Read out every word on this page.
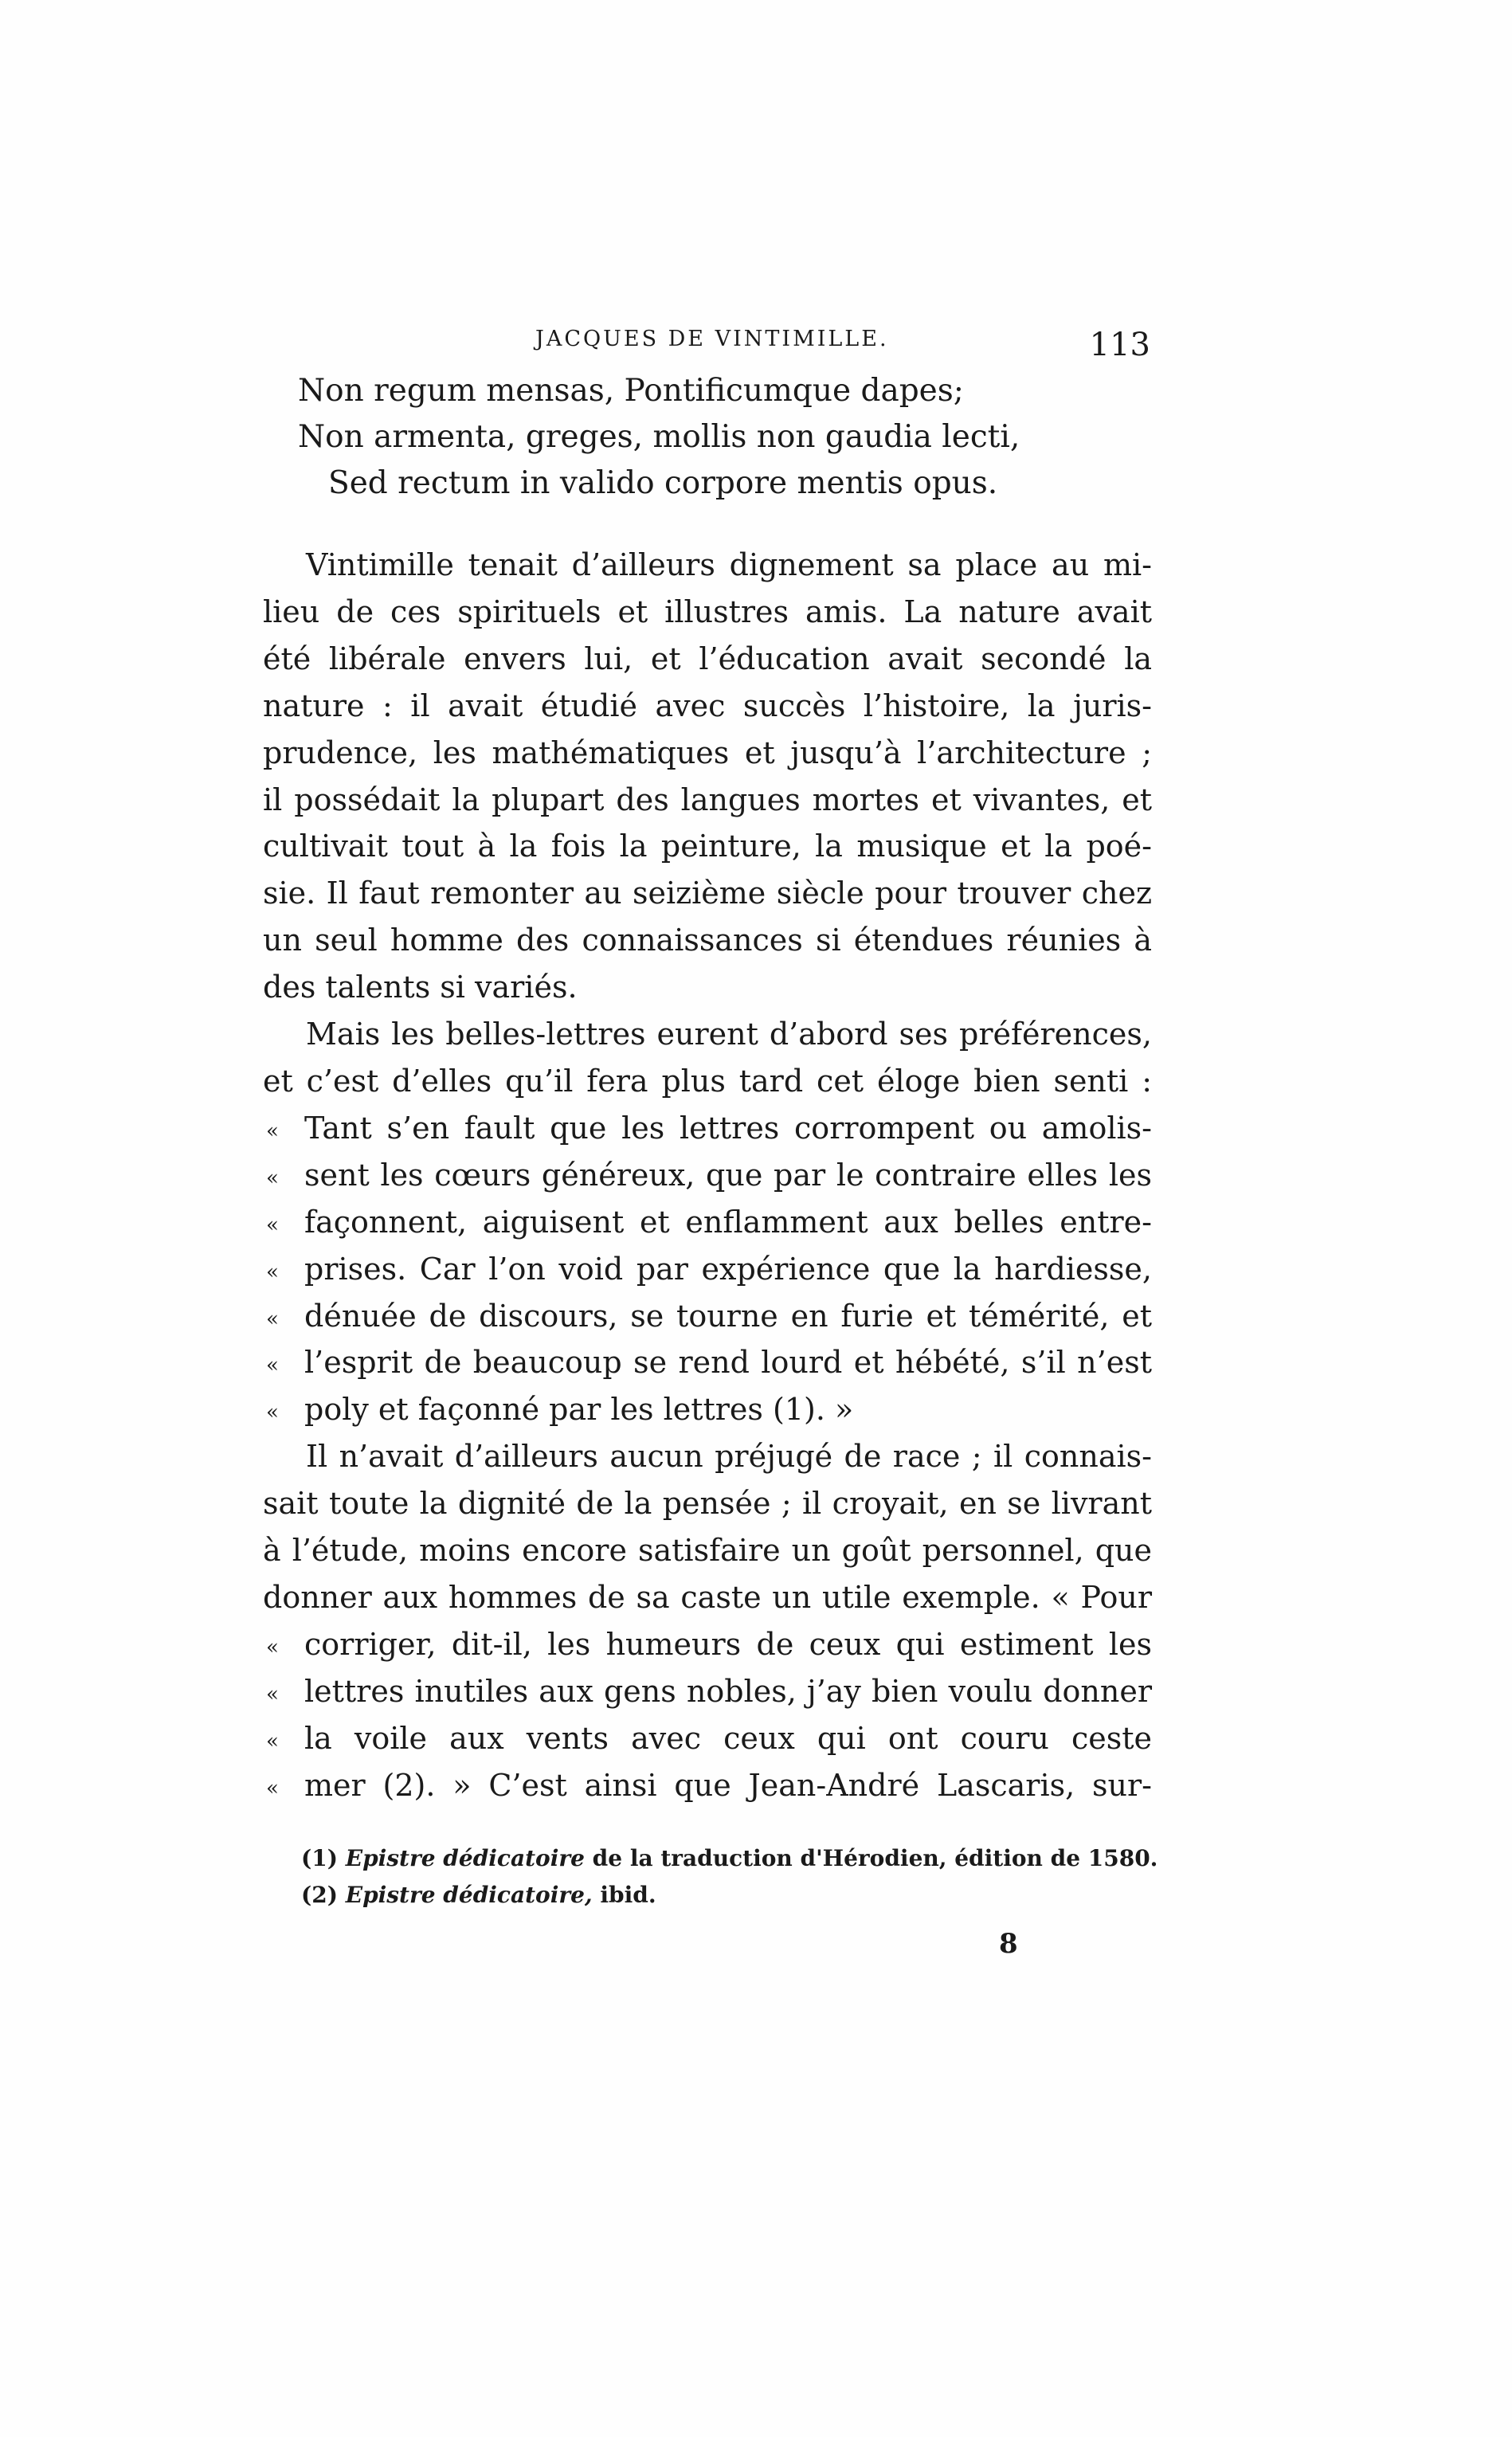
JACQUES DE VINTIMILLE.	113
Non regum mensas, Pontificumque dapes;
Non armenta, greges, mollis non gaudia lecti,
Sed rectum in valido corpore mentis opus.
Vintimille tenait d’ailleurs dignement sa place au mi-
lieu de ces spirituels et illustres amis. La nature avait
été libérale envers lui, et l’éducation avait secondé la
nature : il avait étudié avec succès l’histoire, la juris-
prudence, les mathématiques et jusqu’à l’architecture ;
il possédait la plupart des langues mortes et vivantes, et
cultivait tout à la fois la peinture, la musique et la poé-
sie. Il faut remonter au seizième siècle pour trouver chez
un seul homme des connaissances si étendues réunies à
des talents si variés.
Mais les belles-lettres eurent d’abord ses préférences,
et c’est d’elles qu’il fera plus tard cet éloge bien senti :
« Tant s’en fault que les lettres corrompent ou amolis-
« sent les cœurs généreux, que par le contraire elles les
« façonnent, aiguisent et enflamment aux belles entre-
« prises. Car l’on void par expérience que la hardiesse,
« dénuée de discours, se tourne en furie et témérité, et
« l’esprit de beaucoup se rend lourd et hébété, s’il n’est
« poly et façonné par les lettres (1). »
Il n’avait d’ailleurs aucun préjugé de race ; il connais-
sait toute la dignité de la pensée ; il croyait, en se livrant
à l’étude, moins encore satisfaire un goût personnel, que
donner aux hommes de sa caste un utile exemple. « Pour
« corriger, dit-il, les humeurs de ceux qui estiment les
« lettres inutiles aux gens nobles, j’ay bien voulu donner
« la voile aux vents avec ceux qui ont couru ceste
« mer (2). » C’est ainsi que Jean-André Lascaris, sur-
(1) Epistre dédicatoire de la traduction d'Hérodien, édition de 1580.
(2) Epistre dédicatoire, ibid.
8
